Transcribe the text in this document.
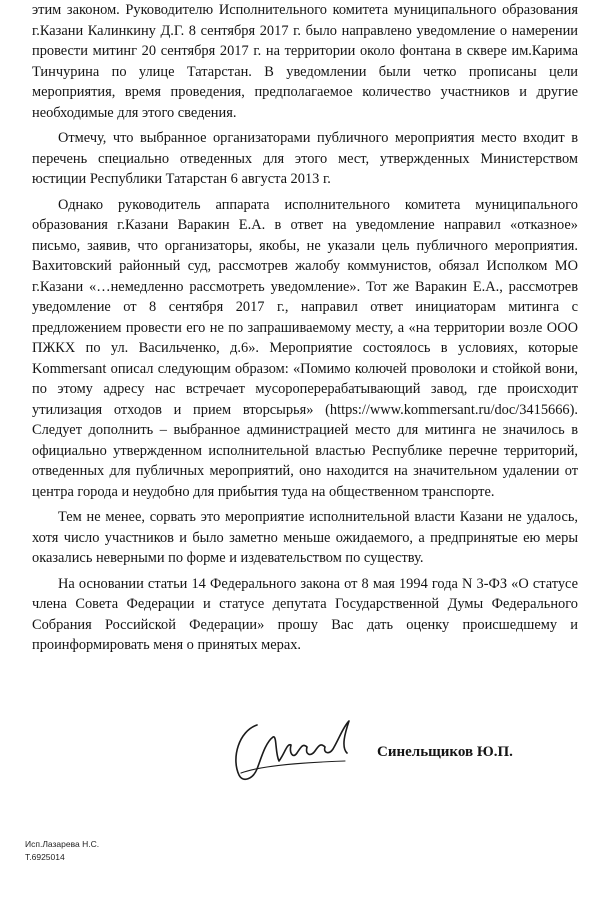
этим законом. Руководителю Исполнительного комитета муниципального образования г.Казани Калинкину Д.Г. 8 сентября 2017 г. было направлено уведомление о намерении провести митинг 20 сентября 2017 г. на территории около фонтана в сквере им.Карима Тинчурина по улице Татарстан. В уведомлении были четко прописаны цели мероприятия, время проведения, предполагаемое количество участников и другие необходимые для этого сведения.

Отмечу, что выбранное организаторами публичного мероприятия место входит в перечень специально отведенных для этого мест, утвержденных Министерством юстиции Республики Татарстан 6 августа 2013 г.

Однако руководитель аппарата исполнительного комитета муниципального образования г.Казани Варакин Е.А. в ответ на уведомление направил «отказное» письмо, заявив, что организаторы, якобы, не указали цель публичного мероприятия. Вахитовский районный суд, рассмотрев жалобу коммунистов, обязал Исполком МО г.Казани «…немедленно рассмотреть уведомление». Тот же Варакин Е.А., рассмотрев уведомление от 8 сентября 2017 г., направил ответ инициаторам митинга с предложением провести его не по запрашиваемому месту, а «на территории возле ООО ПЖКХ по ул. Васильченко, д.6». Мероприятие состоялось в условиях, которые Kommersant описал следующим образом: «Помимо колючей проволоки и стойкой вони, по этому адресу нас встречает мусороперерабатывающий завод, где происходит утилизация отходов и прием вторсырья» (https://www.kommersant.ru/doc/3415666). Следует дополнить – выбранное администрацией место для митинга не значилось в официально утвержденном исполнительной властью Республике перечне территорий, отведенных для публичных мероприятий, оно находится на значительном удалении от центра города и неудобно для прибытия туда на общественном транспорте.

Тем не менее, сорвать это мероприятие исполнительной власти Казани не удалось, хотя число участников и было заметно меньше ожидаемого, а предпринятые ею меры оказались неверными по форме и издевательством по существу.

На основании статьи 14 Федерального закона от 8 мая 1994 года N 3-ФЗ «О статусе члена Совета Федерации и статусе депутата Государственной Думы Федерального Собрания Российской Федерации» прошу Вас дать оценку происшедшему и проинформировать меня о принятых мерах.

Синельщиков Ю.П.
Исп.Лазарева Н.С.
Т.6925014
